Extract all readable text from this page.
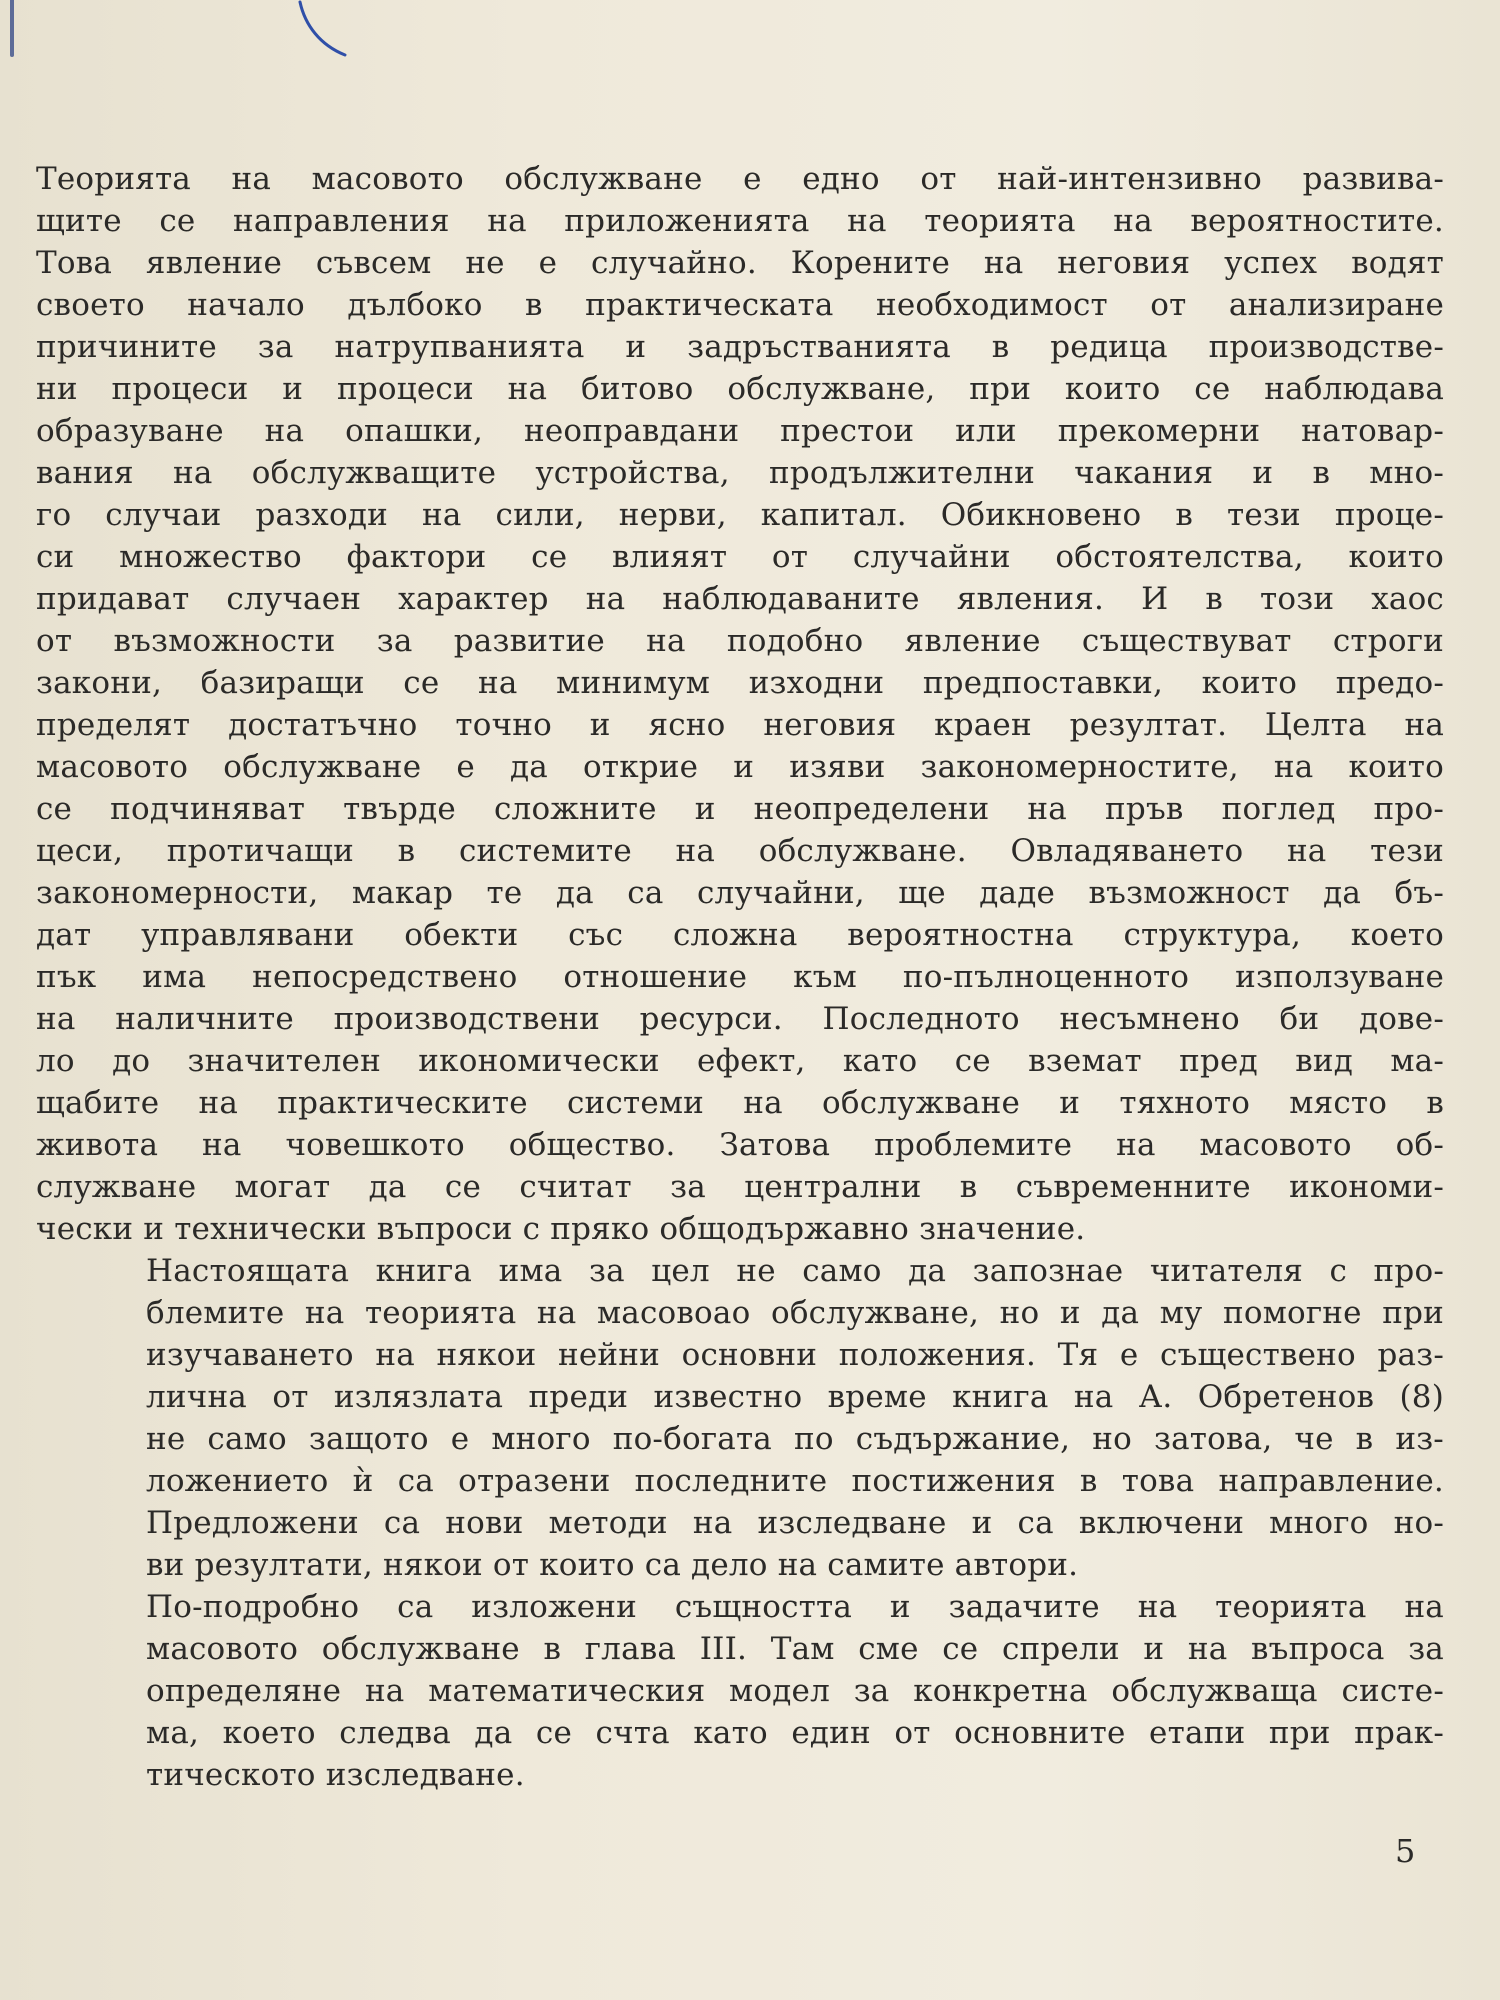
Теорията на масовото обслужване е едно от най-интензивно развива-
щите се направления на приложенията на теорията на вероятностите.
Това явление съвсем не е случайно. Корените на неговия успех водят
своето начало дълбоко в практическата необходимост от анализиране
причините за натрупванията и задръстванията в редица производстве-
ни процеси и процеси на битово обслужване, при които се наблюдава
образуване на опашки, неоправдани престои или прекомерни натовар-
вания на обслужващите устройства, продължителни чакания и в мно-
го случаи разходи на сили, нерви, капитал. Обикновено в тези проце-
си множество фактори се влияят от случайни обстоятелства, които
придават случаен характер на наблюдаваните явления. И в този хаос
от възможности за развитие на подобно явление съществуват строги
закони, базиращи се на минимум изходни предпоставки, които предо-
пределят достатъчно точно и ясно неговия краен резултат. Целта на
масовото обслужване е да открие и изяви закономерностите, на които
се подчиняват твърде сложните и неопределени на пръв поглед про-
цеси, протичащи в системите на обслужване. Овладяването на тези
закономерности, макар те да са случайни, ще даде възможност да бъ-
дат управлявани обекти със сложна вероятностна структура, което
пък има непосредствено отношение към по-пълноценното използуване
на наличните производствени ресурси. Последното несъмнено би дове-
ло до значителен икономически ефект, като се вземат пред вид ма-
щабите на практическите системи на обслужване и тяхното място в
живота на човешкото общество. Затова проблемите на масовото об-
служване могат да се считат за централни в съвременните икономи-
чески и технически въпроси с пряко общодържавно значение.
Настоящата книга има за цел не само да запознае читателя с про-
блемите на теорията на масовоао обслужване, но и да му помогне при
изучаването на някои нейни основни положения. Тя е съществено раз-
лична от излязлата преди известно време книга на А. Обретенов (8)
не само защото е много по-богата по съдържание, но затова, че в из-
ложението ѝ са отразени последните постижения в това направление.
Предложени са нови методи на изследване и са включени много но-
ви резултати, някои от които са дело на самите автори.
По-подробно са изложени същността и задачите на теорията на
масовото обслужване в глава III. Там сме се спрели и на въпроса за
определяне на математическия модел за конкретна обслужваща систе-
ма, което следва да се счта като един от основните етапи при прак-
тическото изследване.
5
